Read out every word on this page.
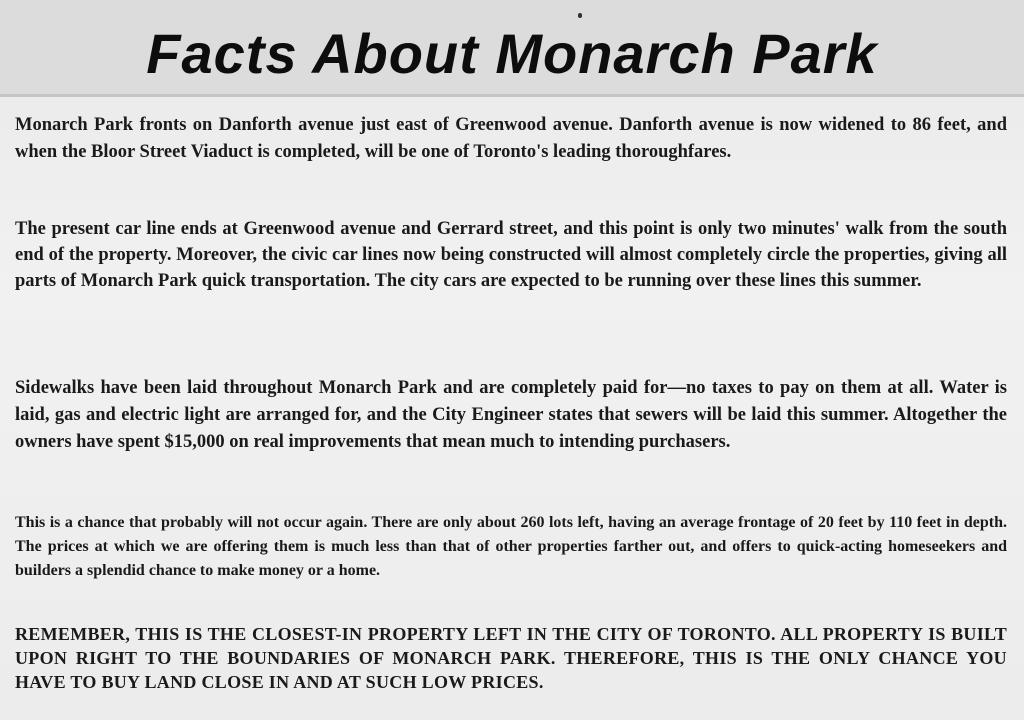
Facts About Monarch Park
Monarch Park fronts on Danforth avenue just east of Greenwood avenue. Danforth avenue is now widened to 86 feet, and when the Bloor Street Viaduct is completed, will be one of Toronto's leading thoroughfares.
The present car line ends at Greenwood avenue and Gerrard street, and this point is only two minutes' walk from the south end of the property. Moreover, the civic car lines now being constructed will almost completely circle the properties, giving all parts of Monarch Park quick transportation. The city cars are expected to be running over these lines this summer.
Sidewalks have been laid throughout Monarch Park and are completely paid for—no taxes to pay on them at all. Water is laid, gas and electric light are arranged for, and the City Engineer states that sewers will be laid this summer. Altogether the owners have spent $15,000 on real improvements that mean much to intending purchasers.
This is a chance that probably will not occur again. There are only about 260 lots left, having an average frontage of 20 feet by 110 feet in depth. The prices at which we are offering them is much less than that of other properties farther out, and offers to quick-acting homeseekers and builders a splendid chance to make money or a home.
REMEMBER, THIS IS THE CLOSEST-IN PROPERTY LEFT IN THE CITY OF TORONTO. ALL PROPERTY IS BUILT UPON RIGHT TO THE BOUNDARIES OF MONARCH PARK. THEREFORE, THIS IS THE ONLY CHANCE YOU HAVE TO BUY LAND CLOSE IN AND AT SUCH LOW PRICES.
